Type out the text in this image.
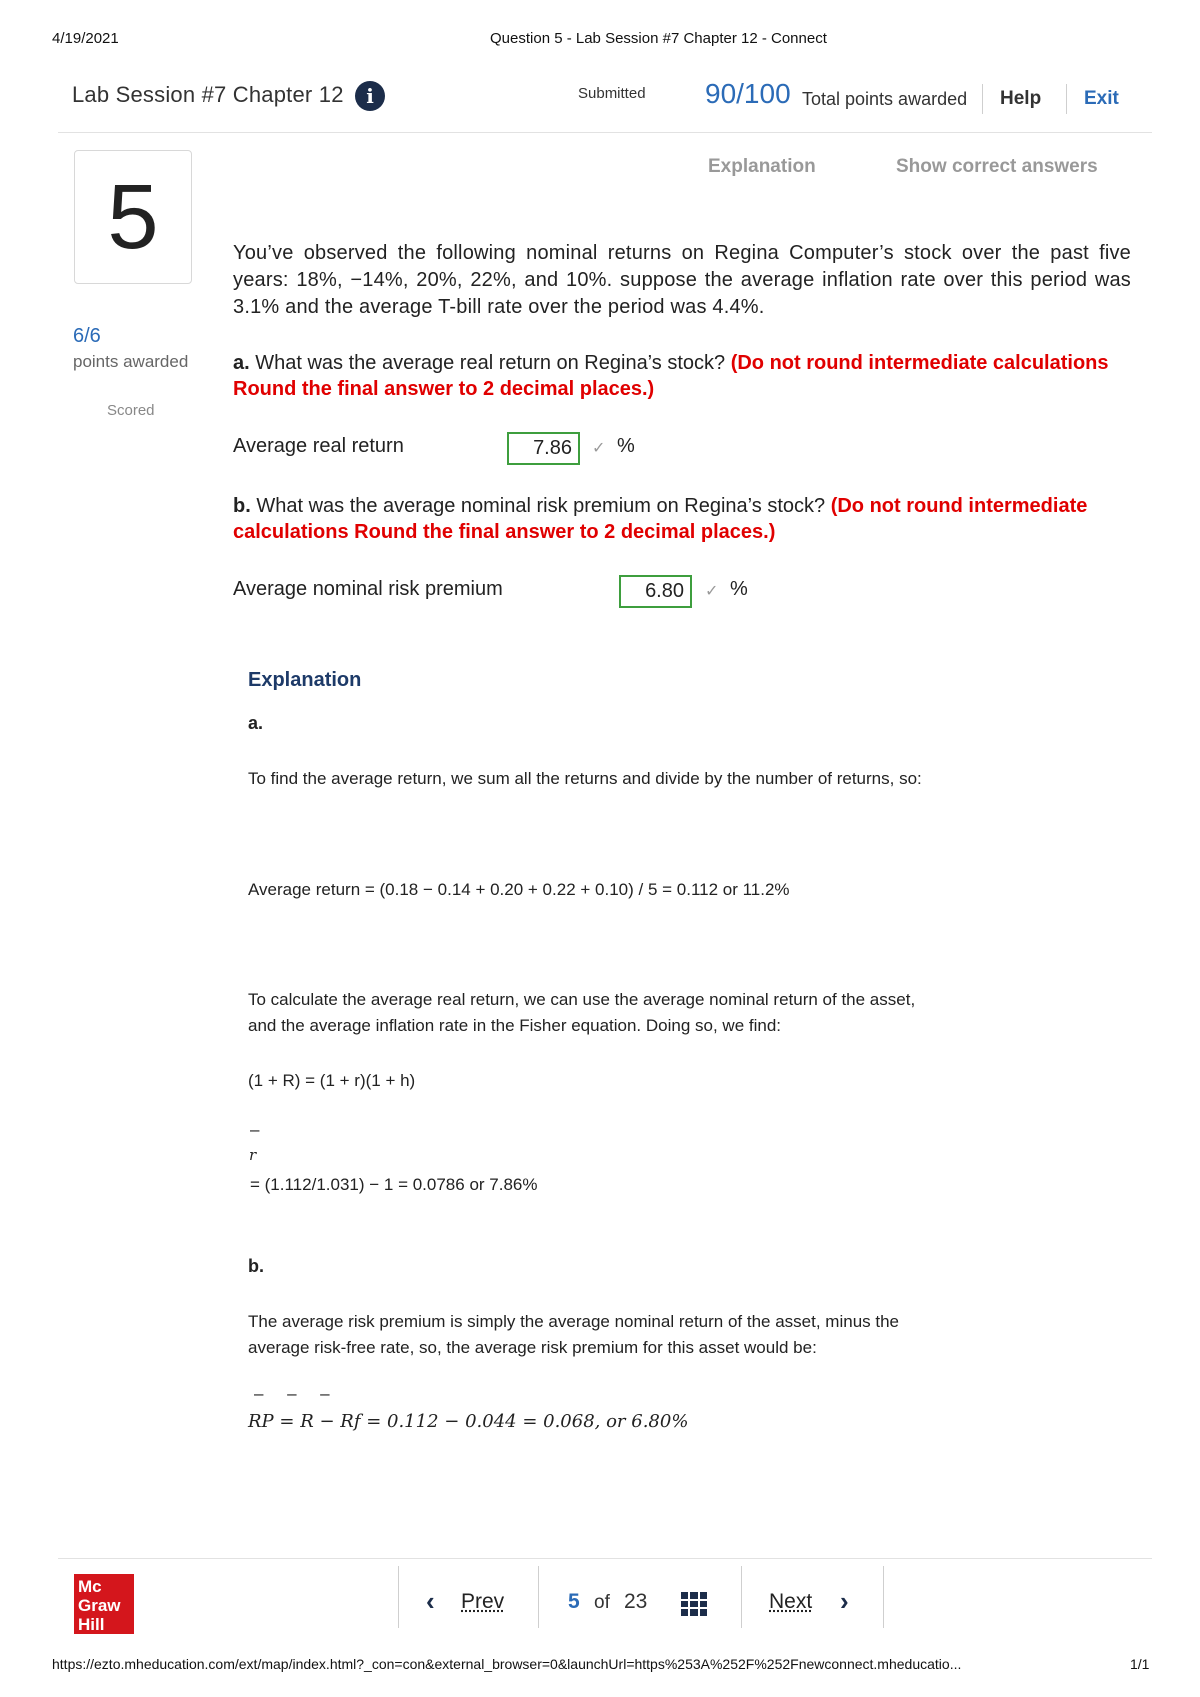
4/19/2021	Question 5 - Lab Session #7 Chapter 12 - Connect
Lab Session #7 Chapter 12	i	Submitted 90/100 Total points awarded Help Exit
5
6/6
points awarded
Scored
Explanation	Show correct answers
You’ve observed the following nominal returns on Regina Computer’s stock over the past five years: 18%, −14%, 20%, 22%, and 10%. suppose the average inflation rate over this period was 3.1% and the average T-bill rate over the period was 4.4%.
a. What was the average real return on Regina’s stock? (Do not round intermediate calculations Round the final answer to 2 decimal places.)
Average real return	7.86	✓ %
b. What was the average nominal risk premium on Regina’s stock? (Do not round intermediate calculations Round the final answer to 2 decimal places.)
Average nominal risk premium	6.80	✓ %
Explanation
a.
To find the average return, we sum all the returns and divide by the number of returns, so:
Average return = (0.18 − 0.14 + 0.20 + 0.22 + 0.10) / 5 = 0.112 or 11.2%
To calculate the average real return, we can use the average nominal return of the asset,
and the average inflation rate in the Fisher equation. Doing so, we find:
(1 + R) = (1 + r)(1 + h)
–
r
= (1.112/1.031) − 1 = 0.0786 or 7.86%
b.
The average risk premium is simply the average nominal return of the asset, minus the
average risk-free rate, so, the average risk premium for this asset would be:
–     –     –
RP = R − Rf = 0.112 − 0.044 = 0.068, or 6.80%
Mc
Graw
Hill
‹ Prev	5 of 23	Next ›
https://ezto.mheducation.com/ext/map/index.html?_con=con&external_browser=0&launchUrl=https%253A%252F%252Fnewconnect.mheducatio...	1/1
